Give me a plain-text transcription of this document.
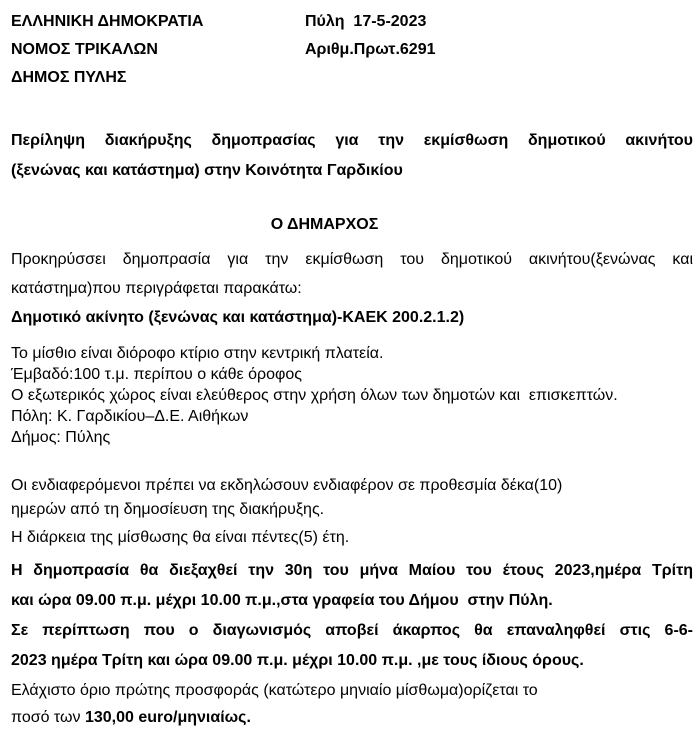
ΕΛΛΗΝΙΚΗ ΔΗΜΟΚΡΑΤΙΑ
ΝΟΜΟΣ ΤΡΙΚΑΛΩΝ
ΔΗΜΟΣ ΠΥΛΗΣ
Πύλη  17-5-2023
Αριθμ.Πρωτ.6291
Περίληψη διακήρυξης δημοπρασίας για την εκμίσθωση δημοτικού ακινήτου
(ξενώνας και κατάστημα) στην Κοινότητα Γαρδικίου
Ο ΔΗΜΑΡΧΟΣ
Προκηρύσσει δημοπρασία για την εκμίσθωση του δημοτικού ακινήτου(ξενώνας και
κατάστημα)που περιγράφεται παρακάτω:
Δημοτικό ακίνητο (ξενώνας και κατάστημα)-ΚΑΕΚ 200.2.1.2)
Το μίσθιο είναι διόροφο κτίριο στην κεντρική πλατεία.
Έμβαδό:100 τ.μ. περίπου ο κάθε όροφος
Ο εξωτερικός χώρος είναι ελεύθερος στην χρήση όλων των δημοτών και  επισκεπτών.
Πόλη: Κ. Γαρδικίου–Δ.Ε. Αιθήκων
Δήμος: Πύλης
Οι ενδιαφερόμενοι πρέπει να εκδηλώσουν ενδιαφέρον σε προθεσμία δέκα(10)
ημερών από τη δημοσίευση της διακήρυξης.
Η διάρκεια της μίσθωσης θα είναι πέντες(5) έτη.
Η δημοπρασία θα διεξαχθεί την 30η του μήνα Μαίου του έτους 2023,ημέρα Τρίτη
και ώρα 09.00 π.μ. μέχρι 10.00 π.μ.,στα γραφεία του Δήμου  στην Πύλη.
Σε περίπτωση που ο διαγωνισμός αποβεί άκαρπος θα επαναληφθεί στις 6-6-
2023 ημέρα Τρίτη και ώρα 09.00 π.μ. μέχρι 10.00 π.μ. ,με τους ίδιους όρους.
Ελάχιστο όριο πρώτης προσφοράς (κατώτερο μηνιαίο μίσθωμα)ορίζεται το
ποσό των 130,00 euro/μηνιαίως.
